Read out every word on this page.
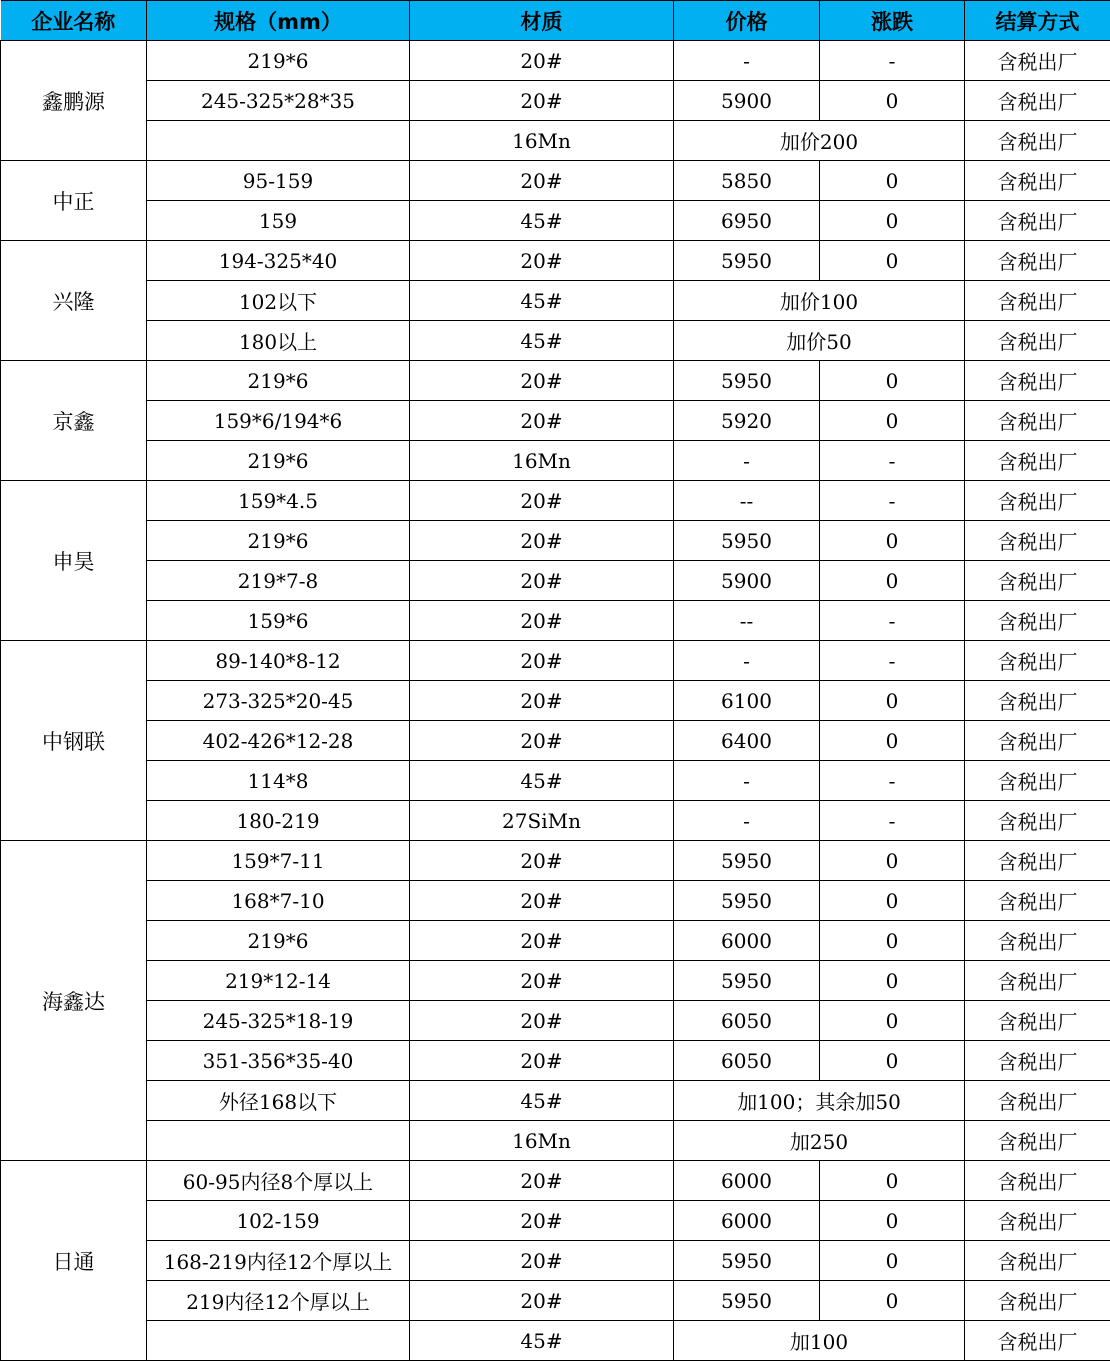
企业名称	规格（mm）	材质	价格	涨跌	结算方式
鑫鹏源	219*6	20#	-	-	含税出厂
	245-325*28*35	20#	5900	0	含税出厂
		16Mn	加价200		含税出厂
中正	95-159	20#	5850	0	含税出厂
	159	45#	6950	0	含税出厂
兴隆	194-325*40	20#	5950	0	含税出厂
	102以下	45#	加价100		含税出厂
	180以上	45#	加价50		含税出厂
京鑫	219*6	20#	5950	0	含税出厂
	159*6/194*6	20#	5920	0	含税出厂
	219*6	16Mn	-	-	含税出厂
申昊	159*4.5	20#	--	-	含税出厂
	219*6	20#	5950	0	含税出厂
	219*7-8	20#	5900	0	含税出厂
	159*6	20#	--	-	含税出厂
中钢联	89-140*8-12	20#	-	-	含税出厂
	273-325*20-45	20#	6100	0	含税出厂
	402-426*12-28	20#	6400	0	含税出厂
	114*8	45#	-	-	含税出厂
	180-219	27SiMn	-	-	含税出厂
海鑫达	159*7-11	20#	5950	0	含税出厂
	168*7-10	20#	5950	0	含税出厂
	219*6	20#	6000	0	含税出厂
	219*12-14	20#	5950	0	含税出厂
	245-325*18-19	20#	6050	0	含税出厂
	351-356*35-40	20#	6050	0	含税出厂
	外径168以下	45#	加100；其余加50		含税出厂
		16Mn	加250		含税出厂
日通	60-95内径8个厚以上	20#	6000	0	含税出厂
	102-159	20#	6000	0	含税出厂
	168-219内径12个厚以上	20#	5950	0	含税出厂
	219内径12个厚以上	20#	5950	0	含税出厂
		45#	加100		含税出厂
